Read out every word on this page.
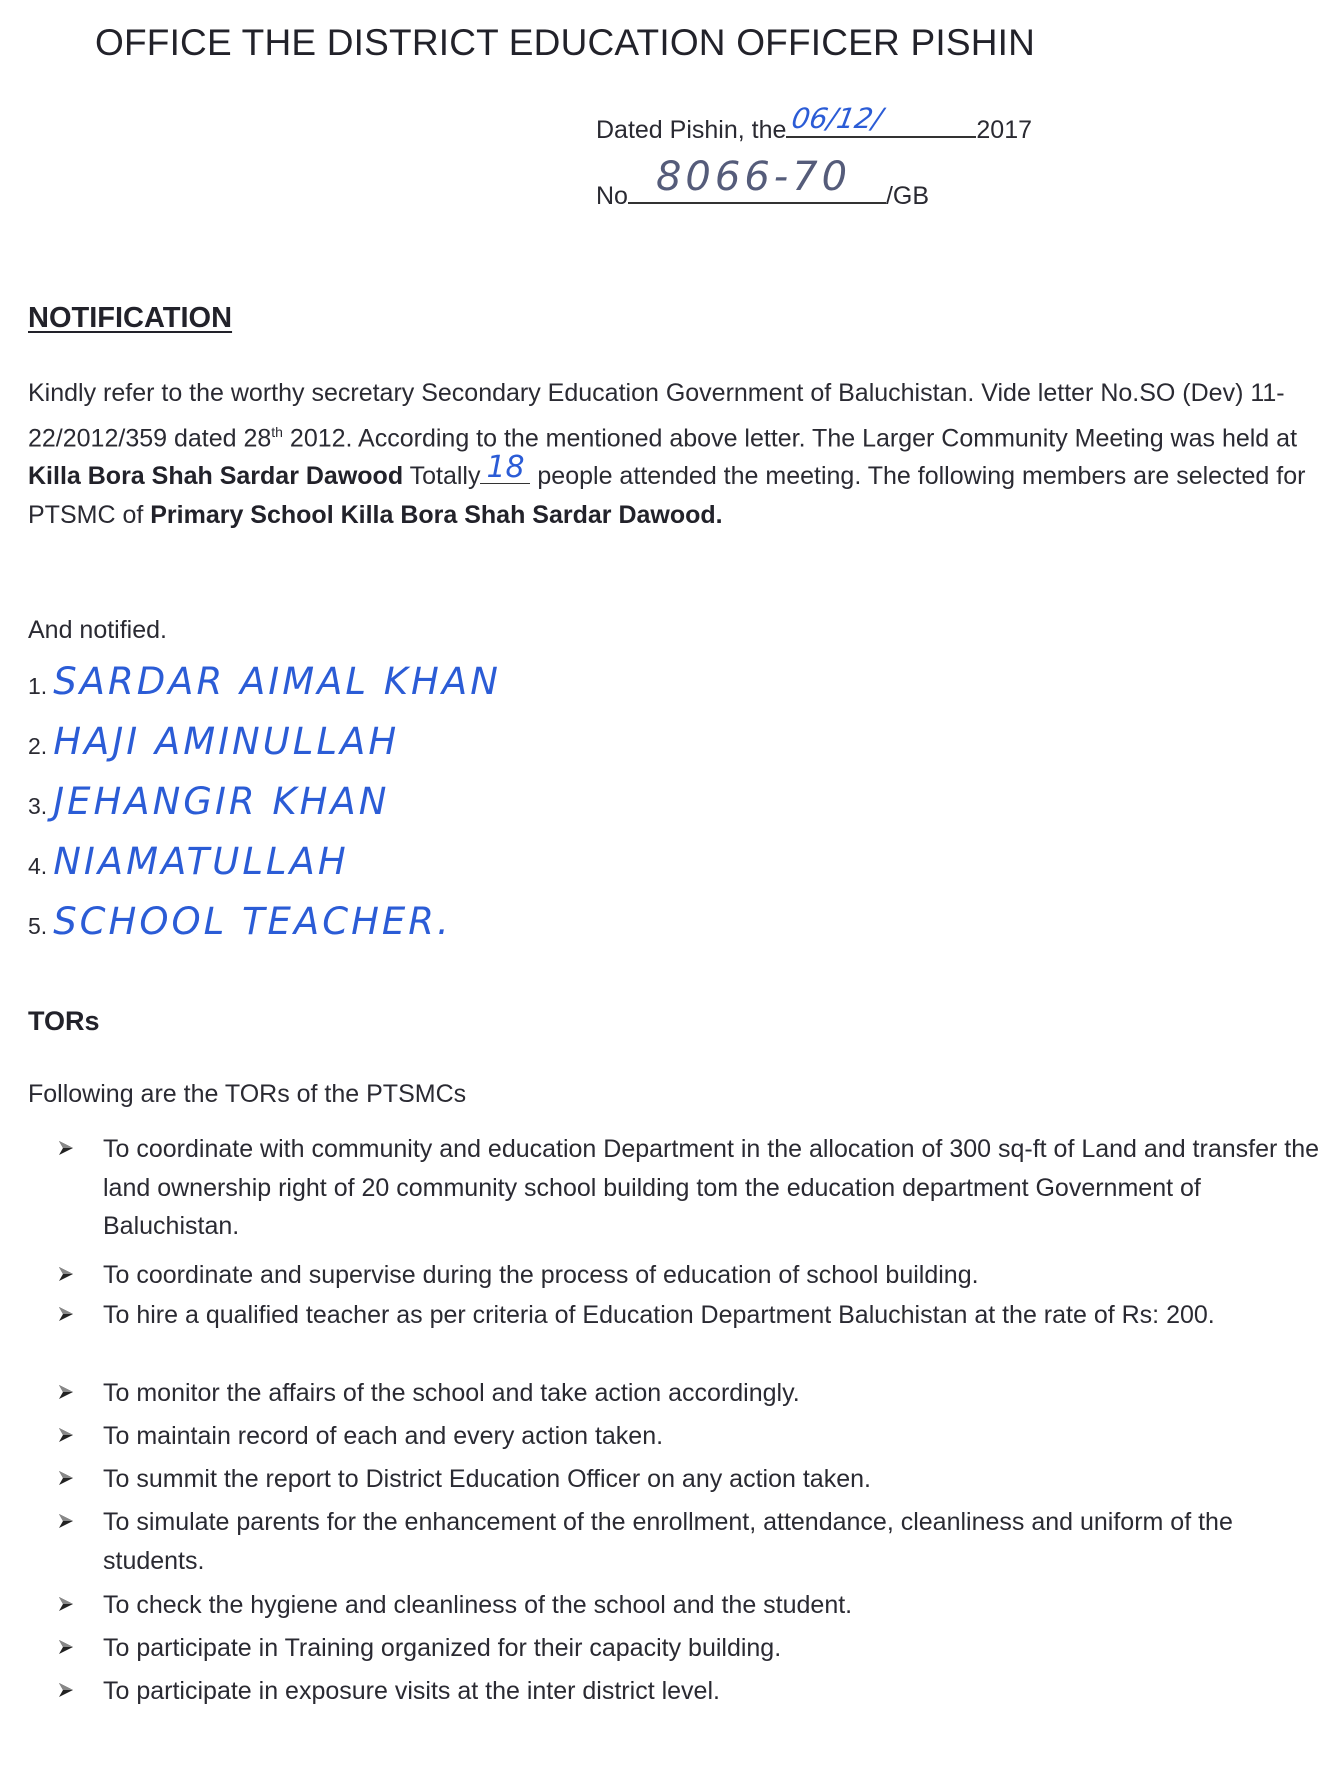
OFFICE THE DISTRICT EDUCATION OFFICER PISHIN
Dated Pishin, the 06/12/	2017
No 8066-70 /GB
NOTIFICATION
Kindly refer to the worthy secretary Secondary Education Government of Baluchistan. Vide letter No.SO (Dev) 11-22/2012/359 dated 28th 2012. According to the mentioned above letter. The Larger Community Meeting was held at Killa Bora Shah Sardar Dawood Totally 18 people attended the meeting. The following members are selected for PTSMC of Primary School Killa Bora Shah Sardar Dawood.
And notified.
1. SARDAR AIMAL KHAN
2. HAJI AMINULLAH
3. JEHANGIR KHAN
4. NIAMATULLAH
5. SCHOOL TEACHER.
TORs
Following are the TORs of the PTSMCs
To coordinate with community and education Department in the allocation of 300 sq-ft of Land and transfer the land ownership right of 20 community school building tom the education department Government of Baluchistan.
To coordinate and supervise during the process of education of school building.
To hire a qualified teacher as per criteria of Education Department Baluchistan at the rate of Rs: 200.
To monitor the affairs of the school and take action accordingly.
To maintain record of each and every action taken.
To summit the report to District Education Officer on any action taken.
To simulate parents for the enhancement of the enrollment, attendance, cleanliness and uniform of the students.
To check the hygiene and cleanliness of the school and the student.
To participate in Training organized for their capacity building.
To participate in exposure visits at the inter district level.
